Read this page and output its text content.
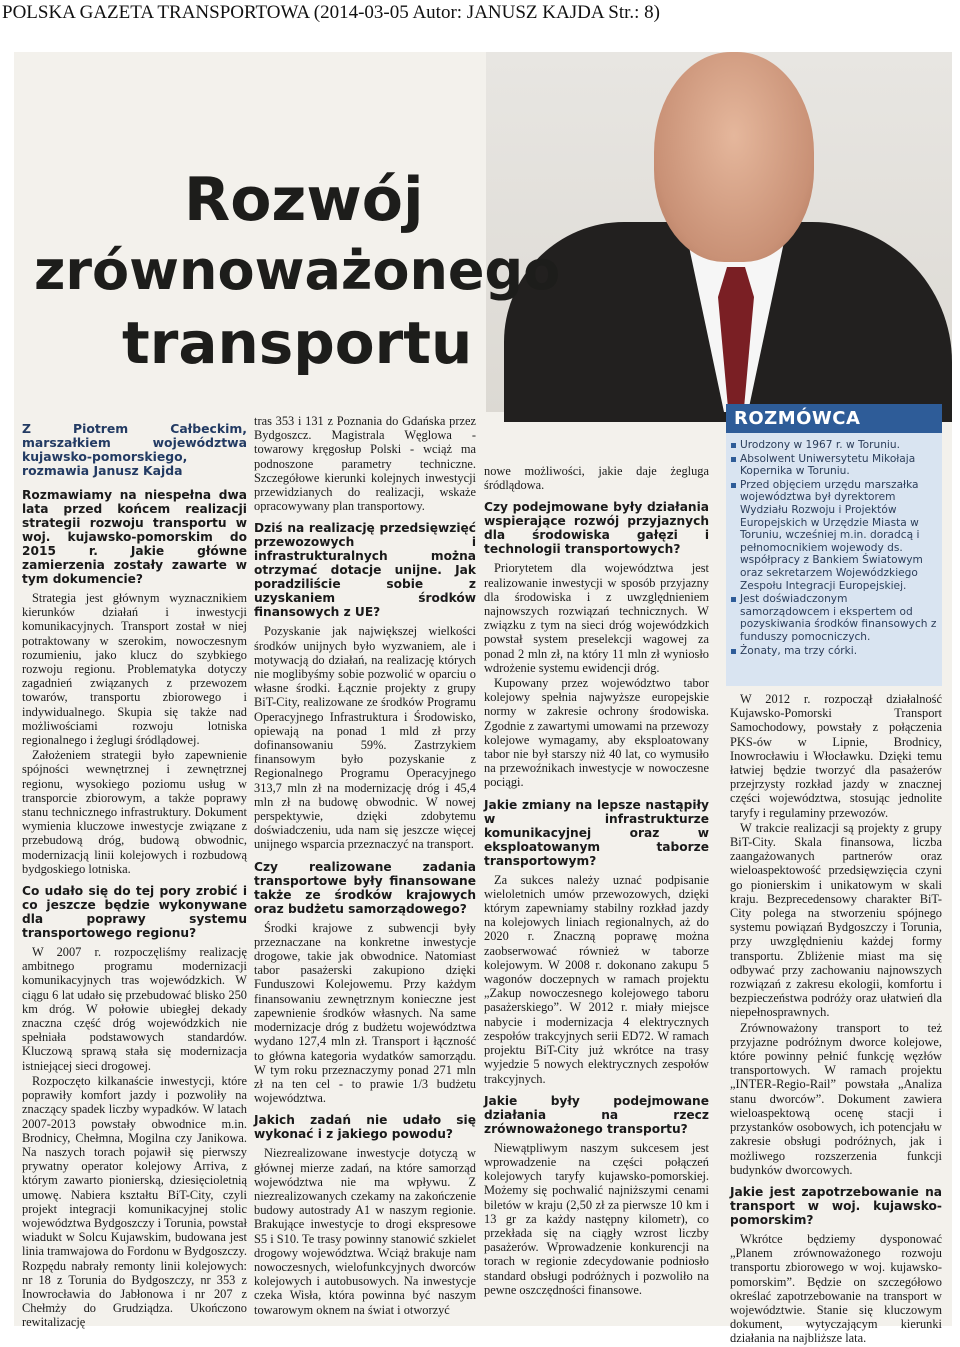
POLSKA GAZETA TRANSPORTOWA (2014-03-05 Autor: JANUSZ KAJDA Str.: 8)
Rozwój
zrównoważonego
transportu
Z Piotrem Całbeckim, marszałkiem województwa kujawsko-pomorskiego, rozmawia Janusz Kajda
Rozmawiamy na niespełna dwa lata przed końcem realizacji strategii rozwoju transportu w woj. kujawsko-pomorskim do 2015 r. Jakie główne zamierzenia zostały zawarte w tym dokumencie?

Strategia jest głównym wyznacznikiem kierunków działań i inwestycji komunikacyjnych. Transport został w niej potraktowany w szerokim, nowoczesnym rozumieniu, jako klucz do szybkiego rozwoju regionu. Problematyka dotyczy zagadnień związanych z przewozem towarów, transportu zbiorowego i indywidualnego. Skupia się także nad możliwościami rozwoju lotniska regionalnego i żeglugi śródlądowej.

Założeniem strategii było zapewnienie spójności wewnętrznej i zewnętrznej regionu, wysokiego poziomu usług w transporcie zbiorowym, a także poprawy stanu technicznego infrastruktury. Dokument wymienia kluczowe inwestycje związane z przebudową dróg, budową obwodnic, modernizacją linii kolejowych i rozbudową bydgoskiego lotniska.

Co udało się do tej pory zrobić i co jeszcze będzie wykonywane dla poprawy systemu transportowego regionu?

W 2007 r. rozpoczęliśmy realizację ambitnego programu modernizacji komunikacyjnych tras wojewódzkich. W ciągu 6 lat udało się przebudować blisko 250 km dróg. W połowie ubiegłej dekady znaczna część dróg wojewódzkich nie spełniała podstawowych standardów. Kluczową sprawą stała się modernizacja istniejącej sieci drogowej.

Rozpoczęto kilkanaście inwestycji, które poprawiły komfort jazdy i pozwoliły na znaczący spadek liczby wypadków. W latach 2007-2013 powstały obwodnice m.in. Brodnicy, Chełmna, Mogilna czy Janikowa. Na naszych torach pojawił się pierwszy prywatny operator kolejowy Arriva, z którym zawarto pionierską, dziesięcioletnią umowę. Nabiera kształtu BiT-City, czyli projekt integracji komunikacyjnej stolic województwa Bydgoszczy i Torunia, powstał wiadukt w Solcu Kujawskim, budowana jest linia tramwajowa do Fordonu w Bydgoszczy. Rozpędu nabrały remonty linii kolejowych: nr 18 z Torunia do Bydgoszczy, nr 353 z Inowrocławia do Jabłonowa i nr 207 z Chełmży do Grudziądza. Ukończono rewitalizację

tras 353 i 131 z Poznania do Gdańska przez Bydgoszcz. Magistrala Węglowa - towarowy kręgosłup Polski - wciąż ma podnoszone parametry techniczne. Szczegółowe kierunki kolejnych inwestycji przewidzianych do realizacji, wskaże opracowywany plan transportowy.

Dziś na realizację przedsięwzięć przewozowych i infrastrukturalnych można otrzymać dotacje unijne. Jak poradziliście sobie z uzyskaniem środków finansowych z UE?

Pozyskanie jak największej wielkości środków unijnych było wyzwaniem, ale i motywacją do działań, na realizację których nie moglibyśmy sobie pozwolić w oparciu o własne środki. Łącznie projekty z grupy BiT-City, realizowane ze środków Programu Operacyjnego Infrastruktura i Środowisko, opiewają na ponad 1 mld zł przy dofinansowaniu 59%. Zastrzykiem finansowym było pozyskanie z Regionalnego Programu Operacyjnego 313,7 mln zł na modernizację dróg i 45,4 mln zł na budowę obwodnic. W nowej perspektywie, dzięki zdobytemu doświadczeniu, uda nam się jeszcze więcej unijnego wsparcia przeznaczyć na transport.

Czy realizowane zadania transportowe były finansowane także ze środków krajowych oraz budżetu samorządowego?

Środki krajowe z subwencji były przeznaczane na konkretne inwestycje drogowe, takie jak obwodnice. Natomiast tabor pasażerski zakupiono dzięki Funduszowi Kolejowemu. Przy każdym finansowaniu zewnętrznym konieczne jest zapewnienie środków własnych. Na same modernizacje dróg z budżetu województwa wydano 127,4 mln zł. Transport i łączność to główna kategoria wydatków samorządu. W tym roku przeznaczymy ponad 271 mln zł na ten cel - to prawie 1/3 budżetu województwa.

Jakich zadań nie udało się wykonać i z jakiego powodu?

Niezrealizowane inwestycje dotyczą w głównej mierze zadań, na które samorząd województwa nie ma wpływu. Z niezrealizowanych czekamy na zakończenie budowy autostrady A1 w naszym regionie. Brakujące inwestycje to drogi ekspresowe S5 i S10. Te trasy powinny stanowić szkielet drogowy województwa. Wciąż brakuje nam nowoczesnych, wielofunkcyjnych dworców kolejowych i autobusowych. Na inwestycje czeka Wisła, która powinna być naszym towarowym oknem na świat i otworzyć

nowe możliwości, jakie daje żegluga śródlądowa.

Czy podejmowane były działania wspierające rozwój przyjaznych dla środowiska gałęzi i technologii transportowych?

Priorytetem dla województwa jest realizowanie inwestycji w sposób przyjazny dla środowiska i z uwzględnieniem najnowszych rozwiązań technicznych. W związku z tym na sieci dróg wojewódzkich powstał system preselekcji wagowej za ponad 2 mln zł, na który 11 mln zł wyniosło wdrożenie systemu ewidencji dróg.

Kupowany przez województwo tabor kolejowy spełnia najwyższe europejskie normy w zakresie ochrony środowiska. Zgodnie z zawartymi umowami na przewozy kolejowe wymagamy, aby eksploatowany tabor nie był starszy niż 40 lat, co wymusiło na przewoźnikach inwestycje w nowoczesne pociągi.

Jakie zmiany na lepsze nastąpiły w infrastrukturze komunikacyjnej oraz w eksploatowanym taborze transportowym?

Za sukces należy uznać podpisanie wieloletnich umów przewozowych, dzięki którym zapewniamy stabilny rozkład jazdy na kolejowych liniach regionalnych, aż do 2020 r. Znaczną poprawę można zaobserwować również w taborze kolejowym. W 2008 r. dokonano zakupu 5 wagonów doczepnych w ramach projektu „Zakup nowoczesnego kolejowego taboru pasażerskiego”. W 2012 r. miały miejsce nabycie i modernizacja 4 elektrycznych zespołów trakcyjnych serii ED72. W ramach projektu BiT-City już wkrótce na trasy wyjedzie 5 nowych elektrycznych zespołów trakcyjnych.

Jakie były podejmowane działania na rzecz zrównoważonego transportu?

Niewątpliwym naszym sukcesem jest wprowadzenie na części połączeń kolejowych taryfy kujawsko-pomorskiej. Możemy się pochwalić najniższymi cenami biletów w kraju (2,50 zł za pierwsze 10 km i 13 gr za każdy następny kilometr), co przekłada się na ciągły wzrost liczby pasażerów. Wprowadzenie konkurencji na torach w regionie zdecydowanie podniosło standard obsługi podróżnych i pozwoliło na pewne oszczędności finansowe.

ROZMÓWCA
Urodzony w 1967 r. w Toruniu.
Absolwent Uniwersytetu Mikołaja Kopernika w Toruniu.
Przed objęciem urzędu marszałka województwa był dyrektorem Wydziału Rozwoju i Projektów Europejskich w Urzędzie Miasta w Toruniu, wcześniej m.in. doradcą i pełnomocnikiem wojewody ds. współpracy z Bankiem Światowym oraz sekretarzem Wojewódzkiego Zespołu Integracji Europejskiej.
Jest doświadczonym samorządowcem i ekspertem od pozyskiwania środków finansowych z funduszy pomocniczych.
Żonaty, ma trzy córki.

W 2012 r. rozpoczął działalność Kujawsko-Pomorski Transport Samochodowy, powstały z połączenia PKS-ów w Lipnie, Brodnicy, Inowrocławiu i Włocławku. Dzięki temu łatwiej będzie tworzyć dla pasażerów przejrzysty rozkład jazdy w znacznej części województwa, stosując jednolite taryfy i regulaminy przewozów.

W trakcie realizacji są projekty z grupy BiT-City. Skala finansowa, liczba zaangażowanych partnerów oraz wieloaspektowość przedsięwzięcia czyni go pionierskim i unikatowym w skali kraju. Bezprecedensowy charakter BiT-City polega na stworzeniu spójnego systemu powiązań Bydgoszczy i Torunia, przy uwzględnieniu każdej formy transportu. Zbliżenie miast ma się odbywać przy zachowaniu najnowszych rozwiązań z zakresu ekologii, komfortu i bezpieczeństwa podróży oraz ułatwień dla niepełnosprawnych.

Zrównoważony transport to też przyjazne podróżnym dworce kolejowe, które powinny pełnić funkcję węzłów transportowych. W ramach projektu „INTER-Regio-Rail” powstała „Analiza stanu dworców”. Dokument zawiera wieloaspektową ocenę stacji i przystanków osobowych, ich potencjału w zakresie obsługi podróżnych, jak i możliwego rozszerzenia funkcji budynków dworcowych.

Jakie jest zapotrzebowanie na transport w woj. kujawsko-pomorskim?

Wkrótce będziemy dysponować „Planem zrównoważonego rozwoju transportu zbiorowego w woj. kujawsko-pomorskim”. Będzie on szczegółowo określać zapotrzebowanie na transport w województwie. Stanie się kluczowym dokument, wytyczającym kierunki działania na najbliższe lata.
